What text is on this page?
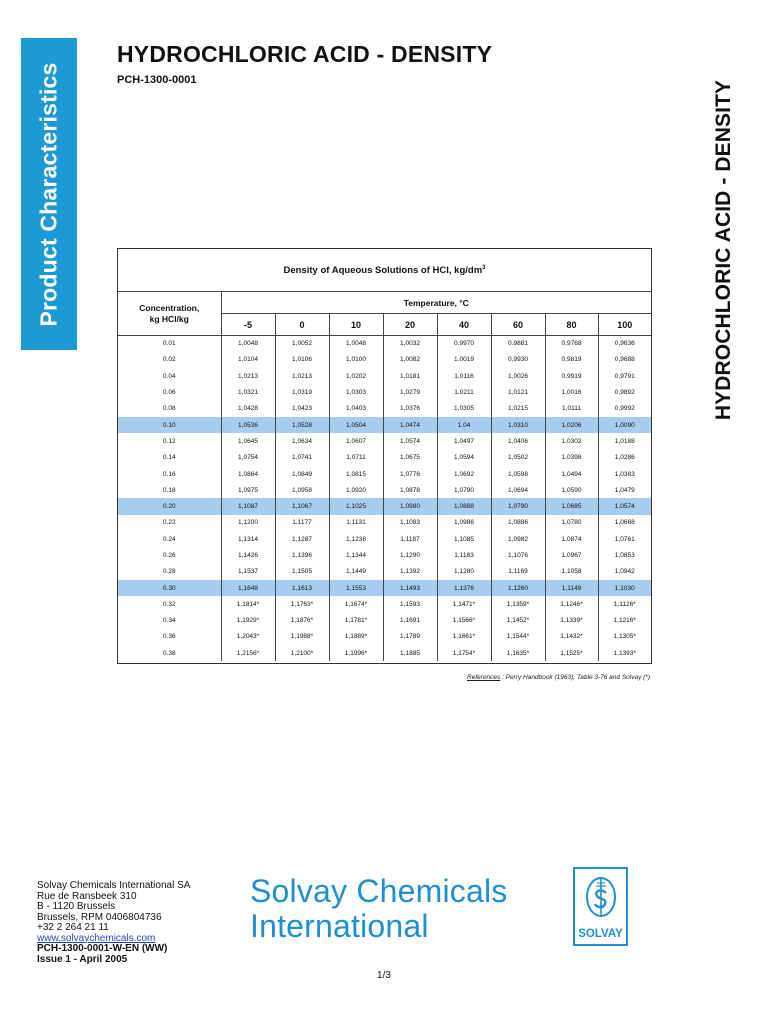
Product Characteristics
HYDROCHLORIC ACID - DENSITY
PCH-1300-0001	HYDROCHLORIC ACID - DENSITY
Density of Aqueous Solutions of HCl, $kg/dm^3$
Concentration,
kg HCl/kg	Temperature, °C							
	-5	0	10	20	40	60	80	100
0.01	1,0048	1,0052	1,0048	1,0032	0.9970	0.9881	0,9768	0,9636
0.02	1,0104	1,0106	1,0100	1,0082	1.0019	0,9930	0,9819	0,9688
0.04	1,0213	1,0213	1,0202	1,0181	1,0116	1,0026	0,9919	0,9791
0.06	1,0321	1,0319	1,0303	1,0279	1,0211	1,0121	1,0016	0,9892
0.08	1,0428	1,0423	1,0403	1,0376	1,0305	1,0215	1,0111	0,9992
0.10	1,0536	1,0528	1,0504	1,0474	1.04	1,0310	1,0206	1,0090
0.12	1,0645	1,0634	1,0607	1,0574	1.0497	1,0406	1,0302	1,0188
0.14	1,0754	1,0741	1,0711	1,0675	1,0594	1,0502	1,0398	1,0286
0.16	1,0864	1,0849	1,0815	1,0776	1,0692	1,0598	1,0494	1,0383
0.18	1,0975	1,0958	1,0920	1,0878	1,0790	1,0694	1,0590	1,0479
0.20	1,1087	1,1067	1,1025	1,0980	1,0888	1,0790	1,0685	1,0574
0.22	1,1200	1,1177	1,1131	1,1083	1,0986	1,0886	1,0780	1,0668
0.24	1,1314	1,1287	1,1238	1,1187	1,1085	1,0982	1,0874	1,0761
0.26	1,1426	1,1396	1,1344	1,1290	1,1183	1,1076	1,0967	1,0853
0.28	1,1537	1,1505	1,1449	1,1392	1,1280	1,1169	1,1058	1,0942
0.30	1,1648	1,1613	1,1553	1,1493	1,1376	1,1260	1,1149	1,1030
0.32	1,1814*	1,1763*	1,1674*	1,1593	1,1471*	1,1359*	1,1246*	1,1126*
0.34	1,1929*	1,1876*	1,1781*	1,1691	1,1566*	1,1452*	1,1339*	1,1216*
0.36	1,2043*	1,1988*	1,1889*	1,1789	1,1661*	1,1544*	1,1432*	1,1305*
0.38	1,2156*	1,2100*	1,1996*	1,1885	1,1754*	1,1635*	1,1525*	1,1393*
References : Perry Handbook (1963), Table 3-76 and Solvay (*)
Solvay Chemicals International SA
Rue de Ransbeek 310
B - 1120 Brussels
Brussels, RPM 0406804736
+32 2 264 21 11
www.solvaychemicals.com
PCH-1300-0001-W-EN (WW)
Issue 1 - April 2005
Solvay Chemicals
International	SOLVAY
1/3
